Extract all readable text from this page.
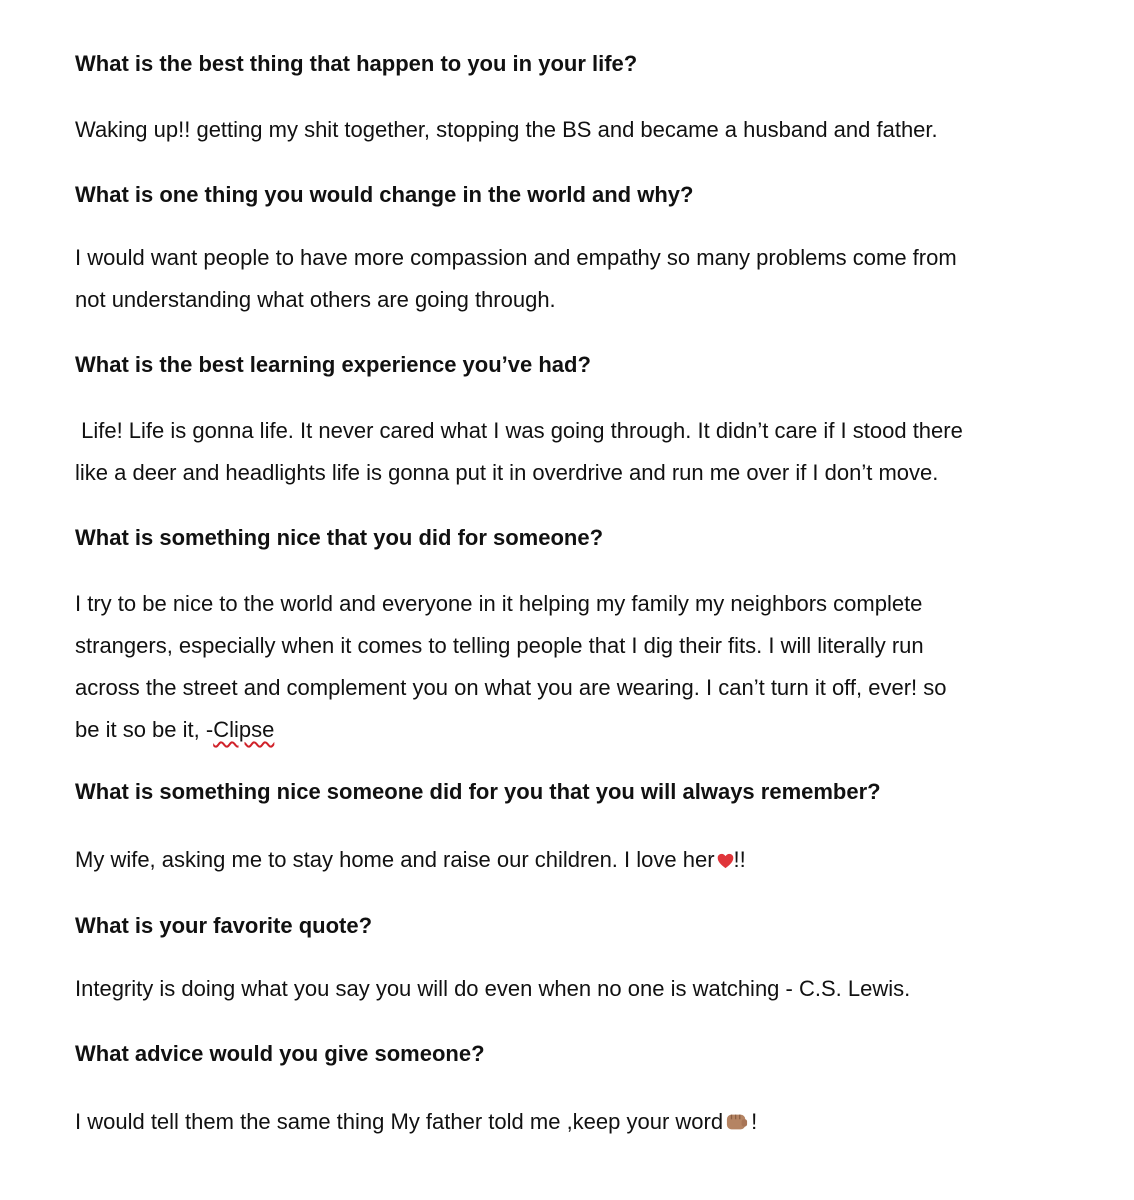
What is the best thing that happen to you in your life?

Waking up!! getting my shit together, stopping the BS and became a husband and father.

What is one thing you would change in the world and why?

I would want people to have more compassion and empathy so many problems come from
not understanding what others are going through.

What is the best learning experience you’ve had?

Life! Life is gonna life. It never cared what I was going through. It didn’t care if I stood there
like a deer and headlights life is gonna put it in overdrive and run me over if I don’t move.

What is something nice that you did for someone?

I try to be nice to the world and everyone in it helping my family my neighbors complete
strangers, especially when it comes to telling people that I dig their fits. I will literally run
across the street and complement you on what you are wearing. I can’t turn it off, ever! so
be it so be it, -Clipse

What is something nice someone did for you that you will always remember?

My wife, asking me to stay home and raise our children. I love her !!

What is your favorite quote?

Integrity is doing what you say you will do even when no one is watching - C.S. Lewis.

What advice would you give someone?

I would tell them the same thing My father told me ,keep your word !
